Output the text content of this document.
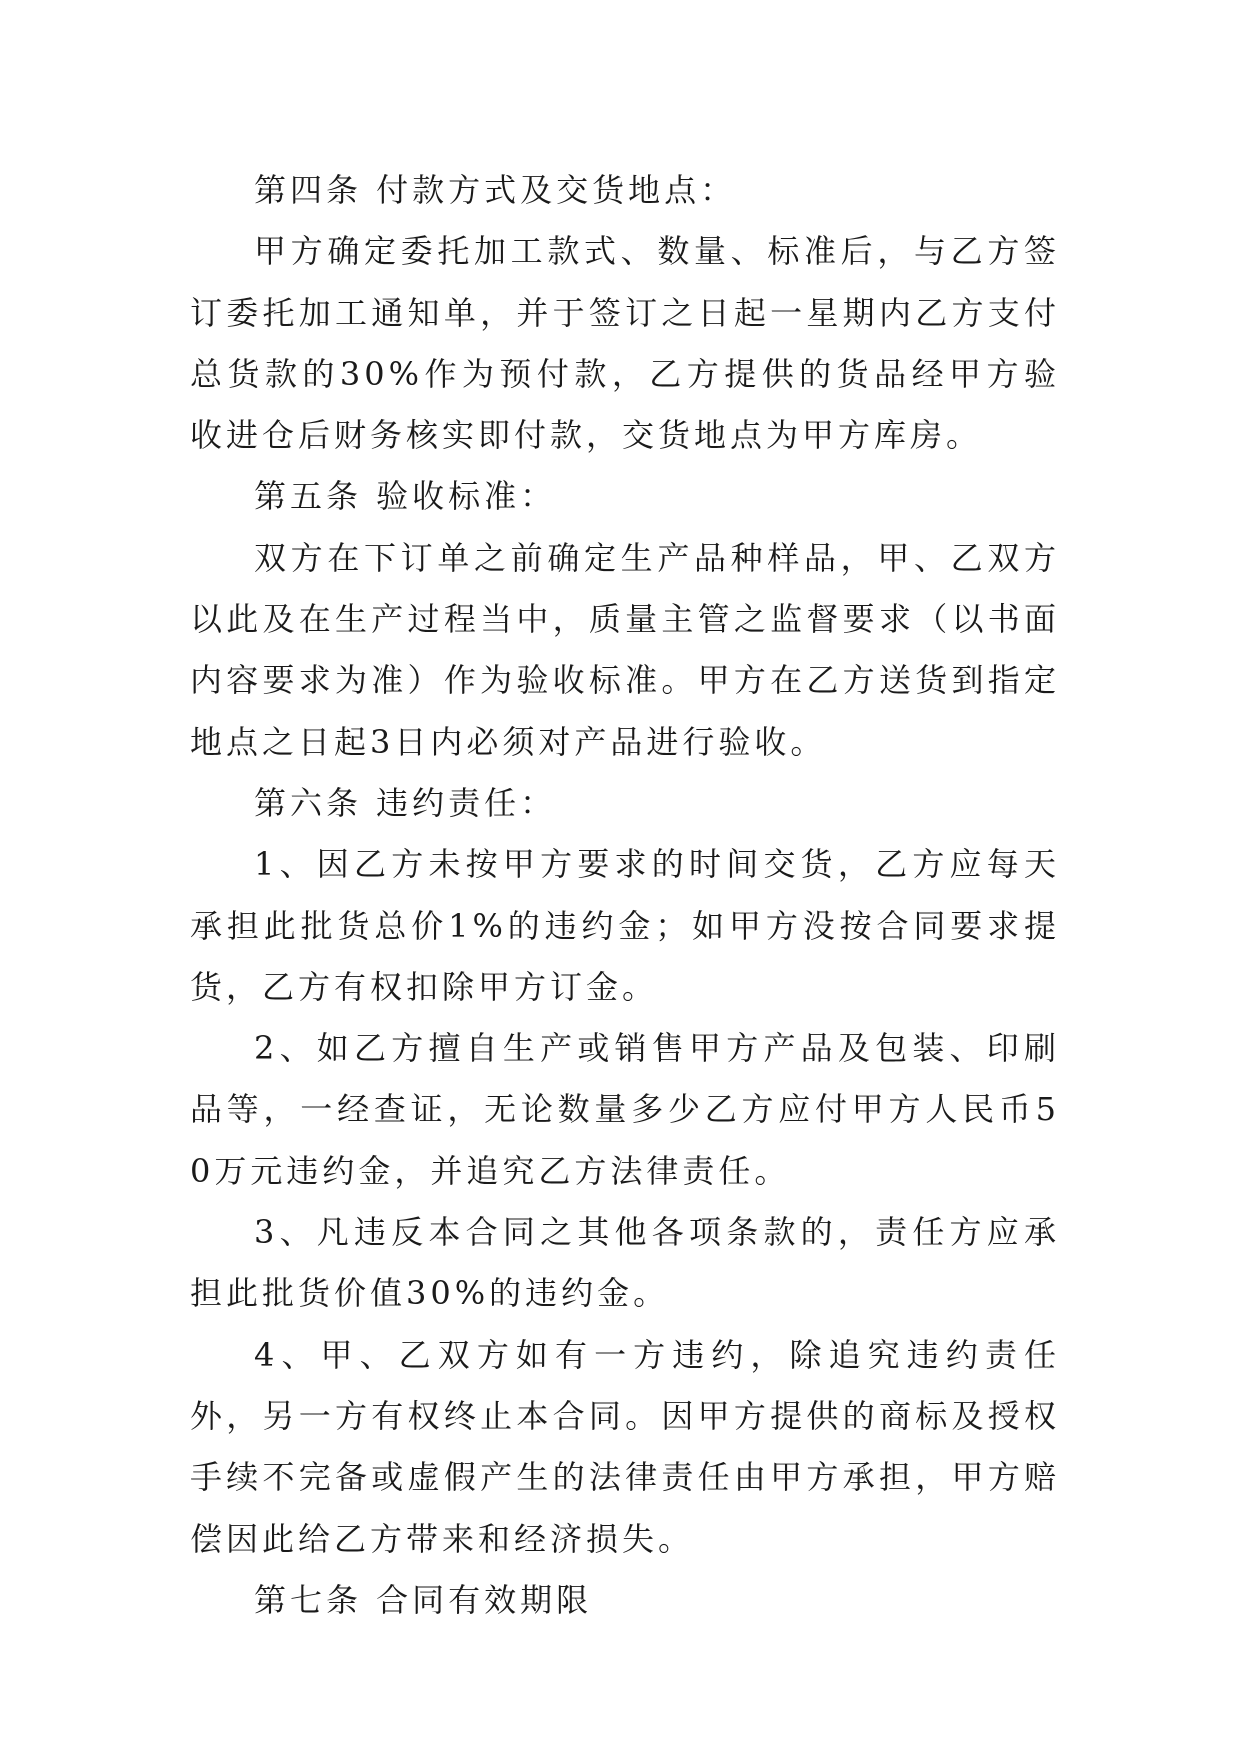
第四条 付款方式及交货地点：

甲方确定委托加工款式、数量、标准后，与乙方签订委托加工通知单，并于签订之日起一星期内乙方支付总货款的30%作为预付款，乙方提供的货品经甲方验收进仓后财务核实即付款，交货地点为甲方库房。

第五条 验收标准：

双方在下订单之前确定生产品种样品，甲、乙双方以此及在生产过程当中，质量主管之监督要求（以书面内容要求为准）作为验收标准。甲方在乙方送货到指定地点之日起3日内必须对产品进行验收。

第六条 违约责任：

1、因乙方未按甲方要求的时间交货，乙方应每天承担此批货总价1%的违约金；如甲方没按合同要求提货，乙方有权扣除甲方订金。

2、如乙方擅自生产或销售甲方产品及包装、印刷品等，一经查证，无论数量多少乙方应付甲方人民币50万元违约金，并追究乙方法律责任。

3、凡违反本合同之其他各项条款的，责任方应承担此批货价值30%的违约金。

4、甲、乙双方如有一方违约，除追究违约责任外，另一方有权终止本合同。因甲方提供的商标及授权手续不完备或虚假产生的法律责任由甲方承担，甲方赔偿因此给乙方带来和经济损失。

第七条 合同有效期限
